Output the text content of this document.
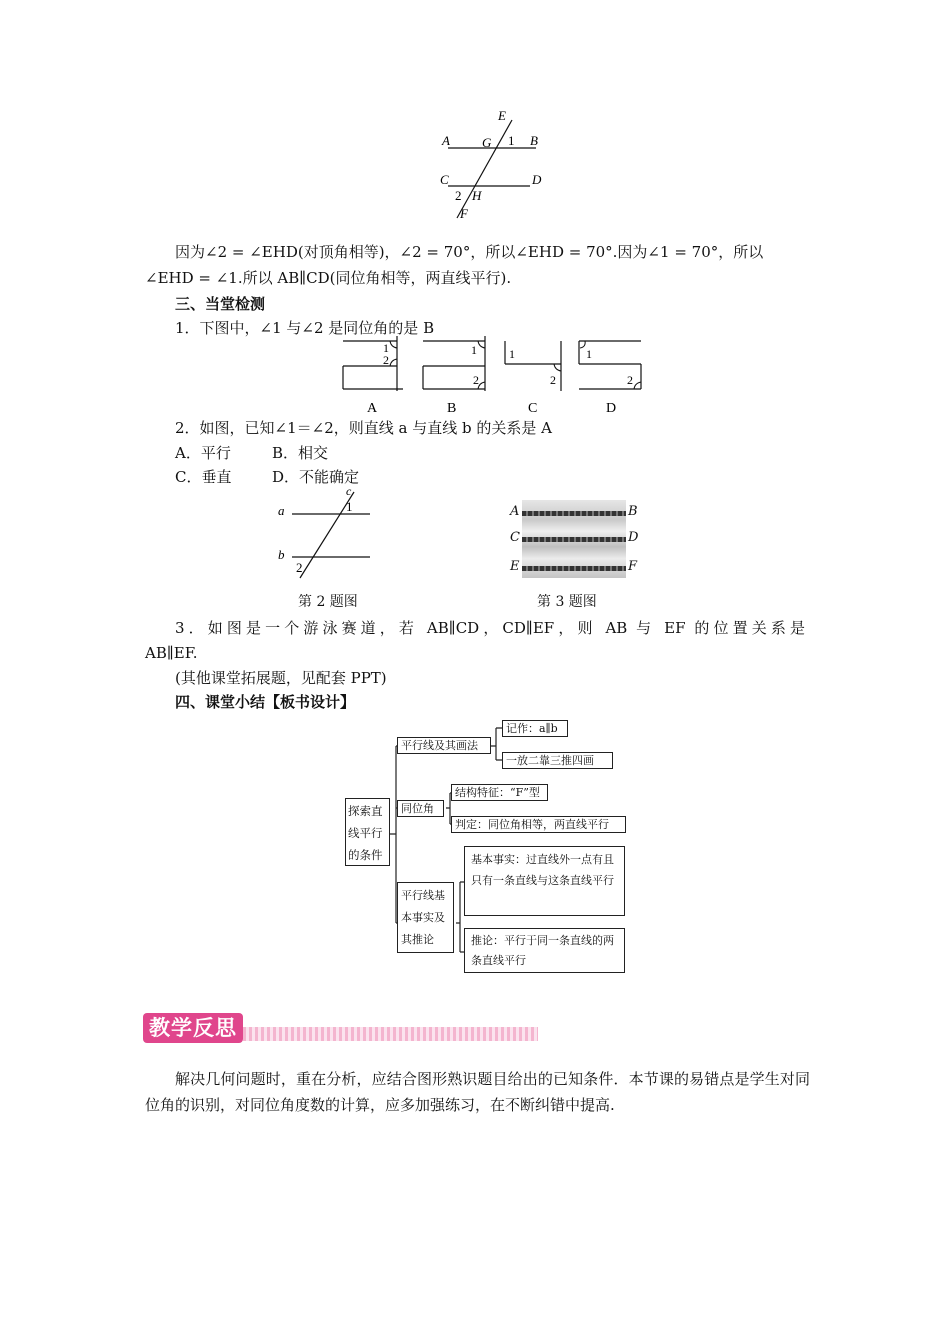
E
A G 1 B
C	D
2 H
F
因为∠2 = ∠EHD(对顶角相等)，∠2 = 70°，所以∠EHD = 70°.因为∠1 = 70°，所以
∠EHD = ∠1.所以 AB∥CD(同位角相等，两直线平行).
三、当堂检测
1．下图中，∠1 与∠2 是同位角的是 B
1
2
1
2
1
2
1
2
A	B	C	D
2．如图，已知∠1＝∠2，则直线 a 与直线 b 的关系是 A
A．平行	B．相交
C．垂直	D．不能确定
c
a	1
b
2
第 2 题图
A	B
C	D
E	F
第 3 题图
3．如图是一个游泳赛道，若 AB∥CD，CD∥EF，则 AB 与 EF 的位置关系是
AB∥EF.
(其他课堂拓展题，见配套 PPT)
四、课堂小结【板书设计】
探索直线平行的条件
平行线及其画法
记作：a∥b
一放二靠三推四画
同位角
结构特征：“F”型
判定：同位角相等，两直线平行
平行线基本事实及其推论
基本事实：过直线外一点有且只有一条直线与这条直线平行
推论：平行于同一条直线的两条直线平行
教学反思
解决几何问题时，重在分析，应结合图形熟识题目给出的已知条件．本节课的易错点是学生对同位角的识别，对同位角度数的计算，应多加强练习，在不断纠错中提高.
